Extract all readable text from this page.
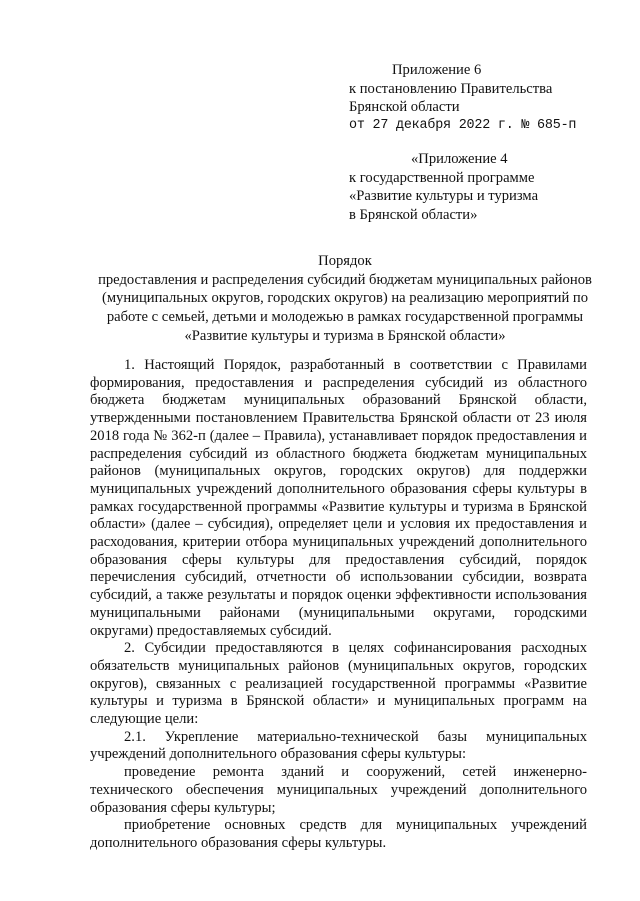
Приложение 6
к постановлению Правительства
Брянской области
от 27 декабря 2022 г. № 685-п
«Приложение 4
к государственной программе
«Развитие культуры и туризма
в Брянской области»
Порядок
предоставления и распределения субсидий бюджетам муниципальных районов (муниципальных округов, городских округов) на реализацию мероприятий по работе с семьей, детьми и молодежью в рамках государственной программы «Развитие культуры и туризма в Брянской области»

1. Настоящий Порядок, разработанный в соответствии с Правилами формирования, предоставления и распределения субсидий из областного бюджета бюджетам муниципальных образований Брянской области, утвержденными постановлением Правительства Брянской области от 23 июля 2018 года № 362-п (далее – Правила), устанавливает порядок предоставления и распределения субсидий из областного бюджета бюджетам муниципальных районов (муниципальных округов, городских округов) для поддержки муниципальных учреждений дополнительного образования сферы культуры в рамках государственной программы «Развитие культуры и туризма в Брянской области» (далее – субсидия), определяет цели и условия их предоставления и расходования, критерии отбора муниципальных учреждений дополнительного образования сферы культуры для предоставления субсидий, порядок перечисления субсидий, отчетности об использовании субсидии, возврата субсидий, а также результаты и порядок оценки эффективности использования муниципальными районами (муниципальными округами, городскими округами) предоставляемых субсидий.

2. Субсидии предоставляются в целях софинансирования расходных обязательств муниципальных районов (муниципальных округов, городских округов), связанных с реализацией государственной программы «Развитие культуры и туризма в Брянской области» и муниципальных программ на следующие цели:

2.1. Укрепление материально-технической базы муниципальных учреждений дополнительного образования сферы культуры:

проведение ремонта зданий и сооружений, сетей инженерно-технического обеспечения муниципальных учреждений дополнительного образования сферы культуры;

приобретение основных средств для муниципальных учреждений дополнительного образования сферы культуры.
